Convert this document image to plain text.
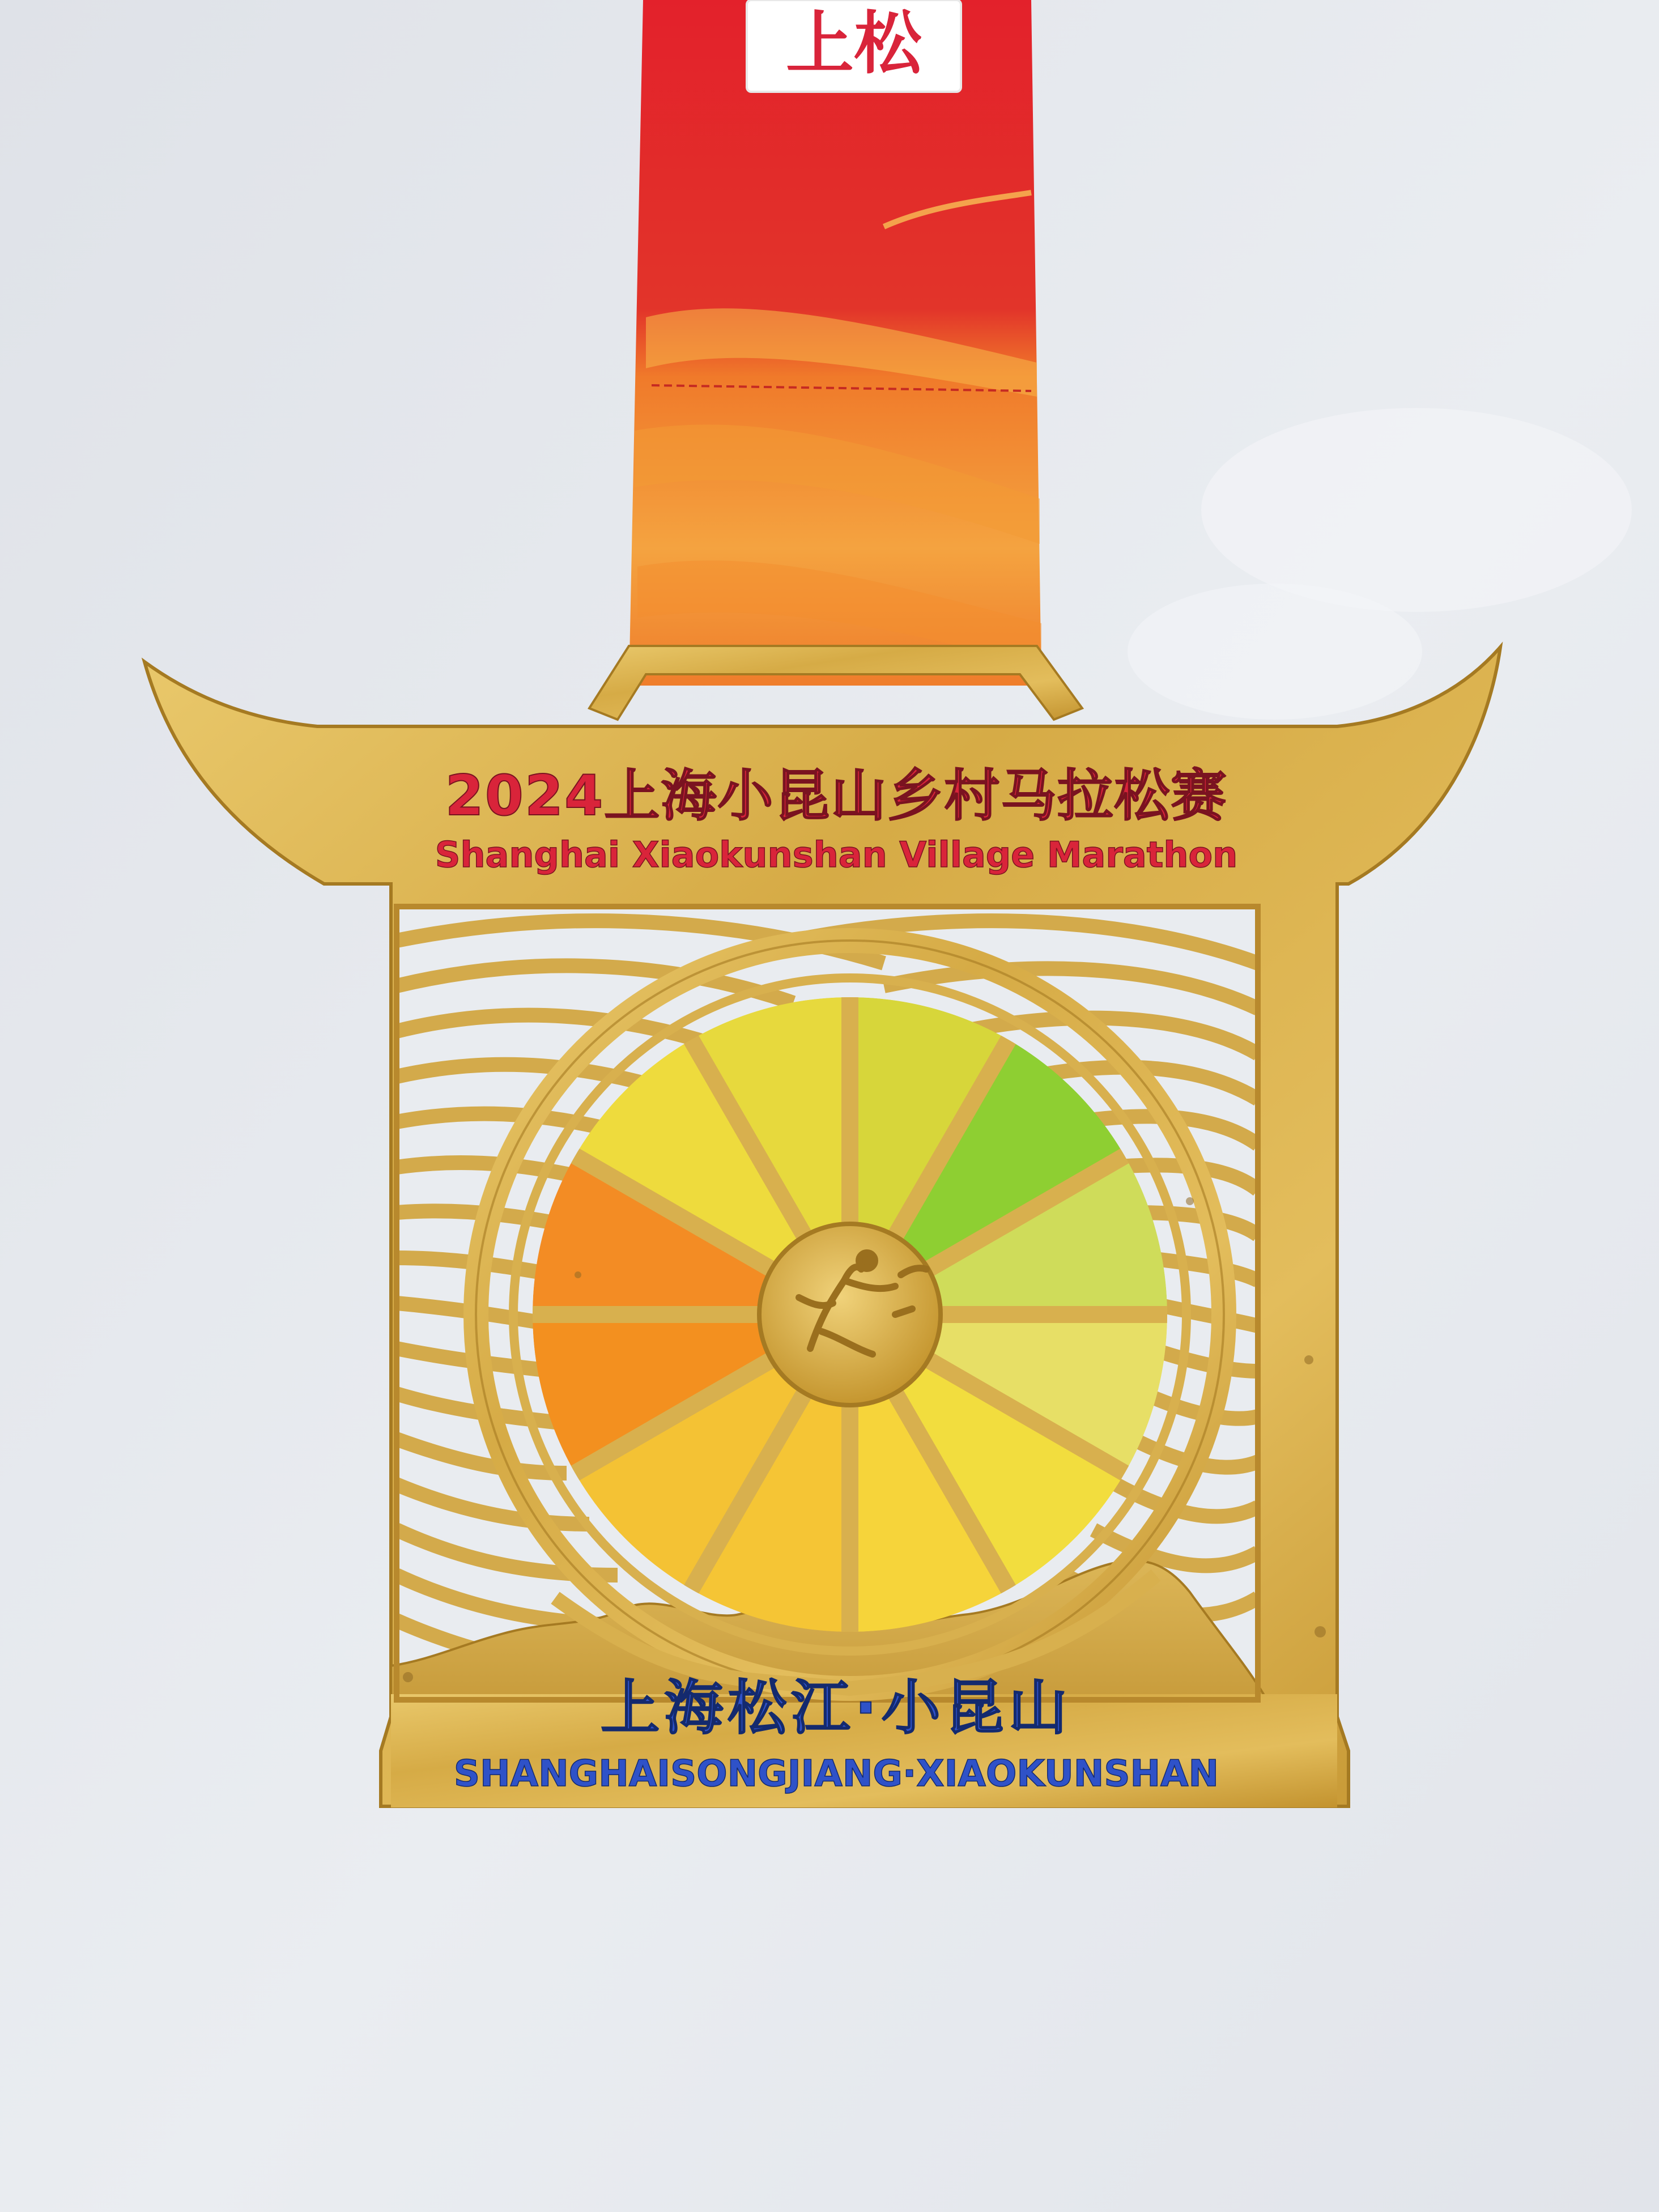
上松
2024上海小昆山乡村马拉松赛
Shanghai Xiaokunshan Village Marathon
上海松江·小昆山
SHANGHAISONGJIANG·XIAOKUNSHAN
